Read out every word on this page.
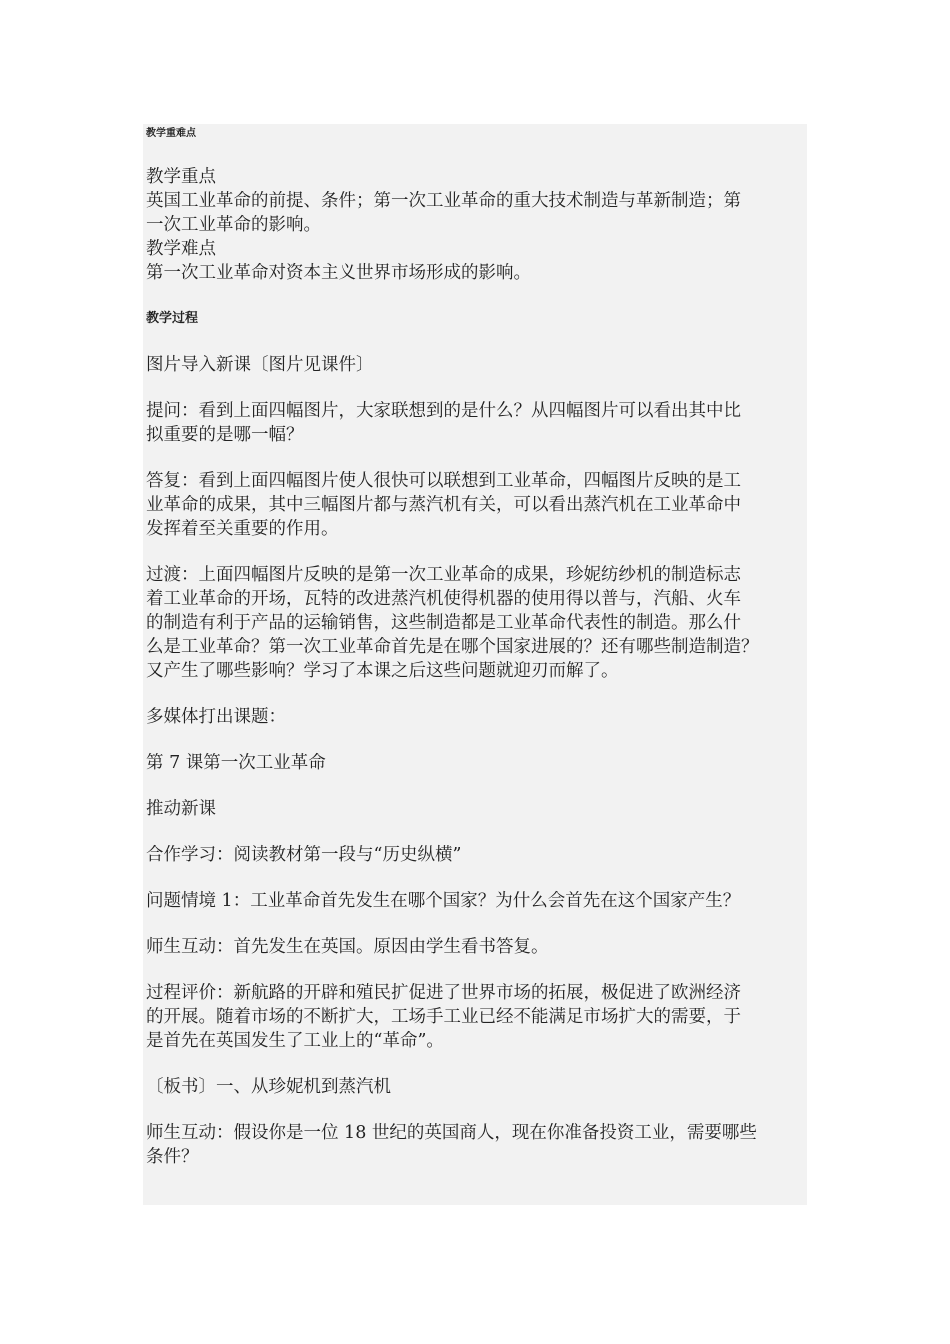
教学重难点
教学重点
英国工业革命的前提、条件；第一次工业革命的重大技术制造与革新制造；第
一次工业革命的影响。
教学难点
第一次工业革命对资本主义世界市场形成的影响。
教学过程
图片导入新课〔图片见课件〕
提问：看到上面四幅图片，大家联想到的是什么？从四幅图片可以看出其中比
拟重要的是哪一幅？
答复：看到上面四幅图片使人很快可以联想到工业革命，四幅图片反映的是工
业革命的成果，其中三幅图片都与蒸汽机有关，可以看出蒸汽机在工业革命中
发挥着至关重要的作用。
过渡：上面四幅图片反映的是第一次工业革命的成果，珍妮纺纱机的制造标志
着工业革命的开场，瓦特的改进蒸汽机使得机器的使用得以普与，汽船、火车
的制造有利于产品的运输销售，这些制造都是工业革命代表性的制造。那么什
么是工业革命？第一次工业革命首先是在哪个国家进展的？还有哪些制造制造？
又产生了哪些影响？学习了本课之后这些问题就迎刃而解了。
多媒体打出课题：
第 7 课第一次工业革命
推动新课
合作学习：阅读教材第一段与“历史纵横”
问题情境 1：工业革命首先发生在哪个国家？为什么会首先在这个国家产生？
师生互动：首先发生在英国。原因由学生看书答复。
过程评价：新航路的开辟和殖民扩促进了世界市场的拓展，极促进了欧洲经济
的开展。随着市场的不断扩大，工场手工业已经不能满足市场扩大的需要，于
是首先在英国发生了工业上的“革命”。
〔板书〕一、从珍妮机到蒸汽机
师生互动：假设你是一位 18 世纪的英国商人，现在你准备投资工业，需要哪些
条件？
